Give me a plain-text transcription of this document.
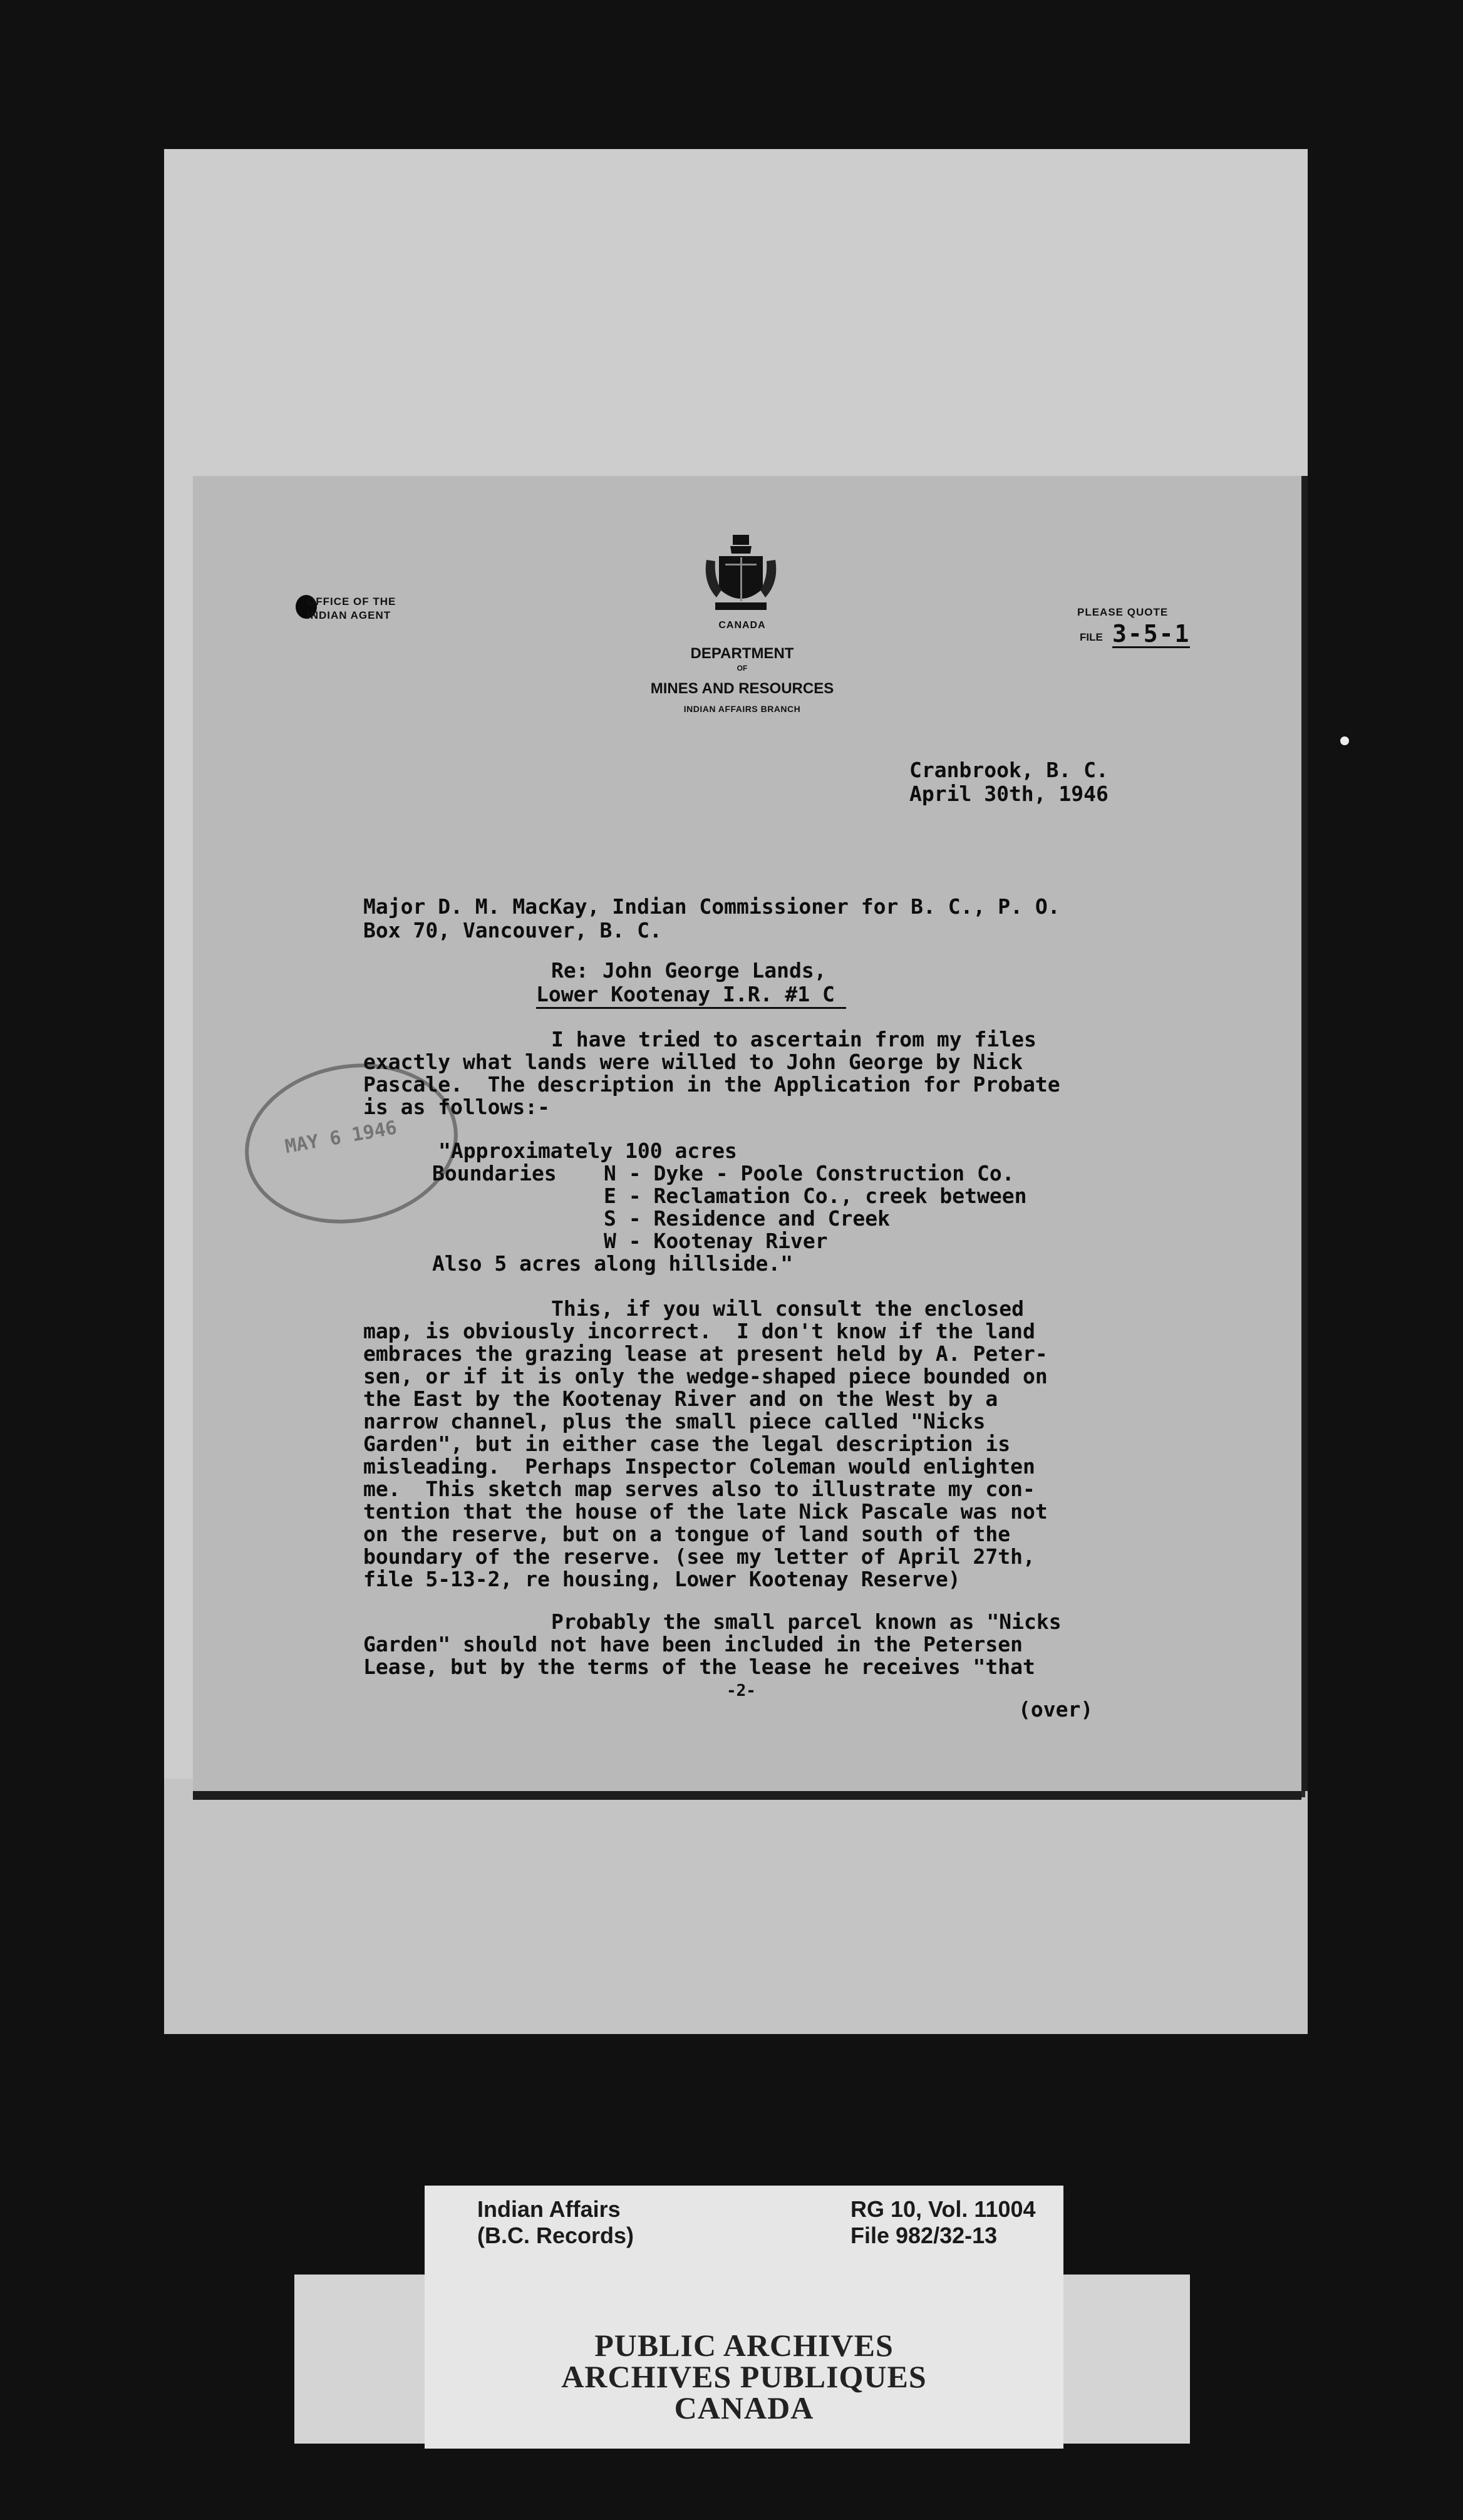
OFFICE OF THE INDIAN AGENT
CANADA
DEPARTMENT
OF
MINES AND RESOURCES
INDIAN AFFAIRS BRANCH
PLEASE QUOTE
FILE 3-5-1
Cranbrook, B. C.
April 30th, 1946
Major D. M. MacKay, Indian Commissioner for B. C., P. O.
Box 70, Vancouver, B. C.
Re: John George Lands,
Lower Kootenay I.R. #1 C
MAY 6 1946
I have tried to ascertain from my files
exactly what lands were willed to John George by Nick
Pascale.  The description in the Application for Probate
is as follows:-
"Approximately 100 acres
Boundaries N - Dyke - Poole Construction Co.
E - Reclamation Co., creek between
S - Residence and Creek
W - Kootenay River
Also 5 acres along hillside."
This, if you will consult the enclosed
map, is obviously incorrect.  I don't know if the land
embraces the grazing lease at present held by A. Peter-
sen, or if it is only the wedge-shaped piece bounded on
the East by the Kootenay River and on the West by a
narrow channel, plus the small piece called "Nicks
Garden", but in either case the legal description is
misleading.  Perhaps Inspector Coleman would enlighten
me.  This sketch map serves also to illustrate my con-
tention that the house of the late Nick Pascale was not
on the reserve, but on a tongue of land south of the
boundary of the reserve. (see my letter of April 27th,
file 5-13-2, re housing, Lower Kootenay Reserve)
Probably the small parcel known as "Nicks
Garden" should not have been included in the Petersen
Lease, but by the terms of the lease he receives "that
-2-
(over)
Indian Affairs
(B.C. Records)
RG 10, Vol. 11004
File 982/32-13
PUBLIC ARCHIVES
ARCHIVES PUBLIQUES
CANADA
